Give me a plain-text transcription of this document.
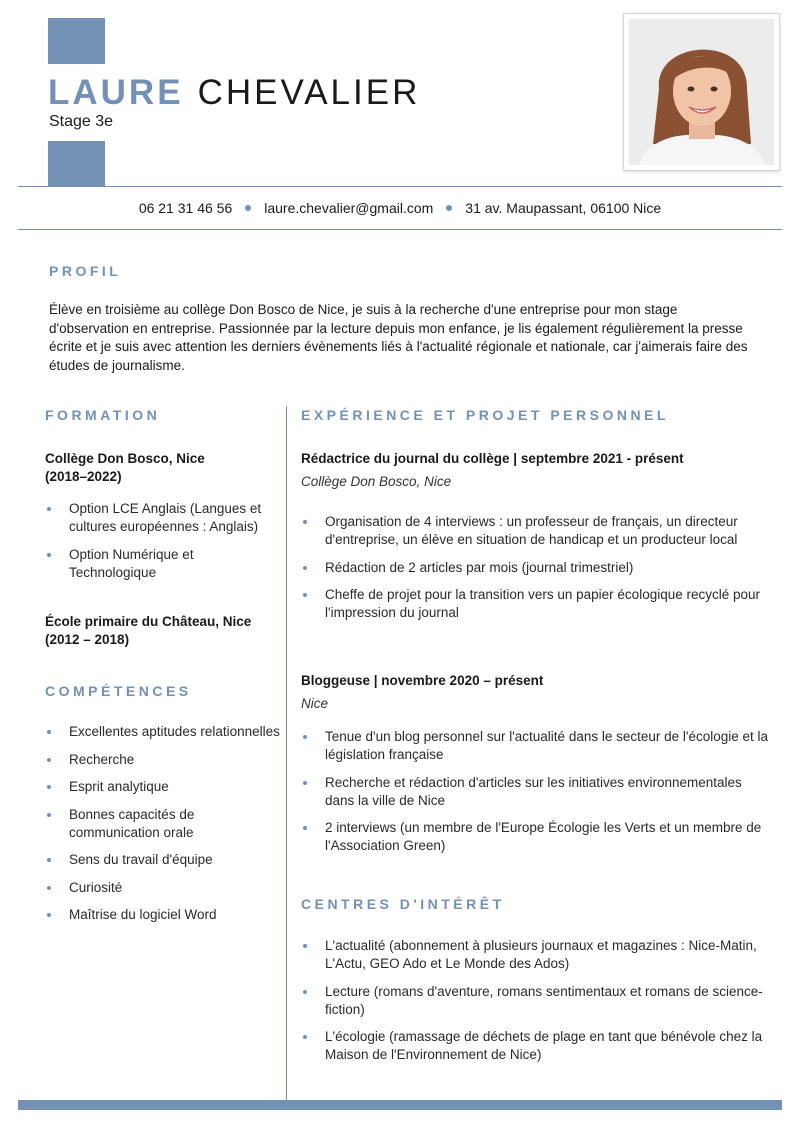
LAURE CHEVALIER
Stage 3e
06 21 31 46 56 laure.chevalier@gmail.com 31 av. Maupassant, 06100 Nice
PROFIL
Élève en troisième au collège Don Bosco de Nice, je suis à la recherche d'une entreprise pour mon stage d'observation en entreprise. Passionnée par la lecture depuis mon enfance, je lis également régulièrement la presse écrite et je suis avec attention les derniers évènements liés à l'actualité régionale et nationale, car j'aimerais faire des études de journalisme.
FORMATION
Collège Don Bosco, Nice
(2018–2022)
Option LCE Anglais (Langues et cultures européennes : Anglais)
Option Numérique et Technologique
École primaire du Château, Nice
(2012 – 2018)
COMPÉTENCES
Excellentes aptitudes relationnelles
Recherche
Esprit analytique
Bonnes capacités de communication orale
Sens du travail d'équipe
Curiosité
Maîtrise du logiciel Word
EXPÉRIENCE ET PROJET PERSONNEL
Rédactrice du journal du collège | septembre 2021 - présent
Collège Don Bosco, Nice
Organisation de 4 interviews : un professeur de français, un directeur d'entreprise, un élève en situation de handicap et un producteur local
Rédaction de 2 articles par mois (journal trimestriel)
Cheffe de projet pour la transition vers un papier écologique recyclé pour l'impression du journal
Bloggeuse | novembre 2020 – présent
Nice
Tenue d'un blog personnel sur l'actualité dans le secteur de l'écologie et la législation française
Recherche et rédaction d'articles sur les initiatives environnementales dans la ville de Nice
2 interviews (un membre de l'Europe Écologie les Verts et un membre de l'Association Green)
CENTRES D'INTÉRÊT
L'actualité (abonnement à plusieurs journaux et magazines : Nice-Matin, L'Actu, GEO Ado et Le Monde des Ados)
Lecture (romans d'aventure, romans sentimentaux et romans de science-fiction)
L'écologie (ramassage de déchets de plage en tant que bénévole chez la Maison de l'Environnement de Nice)
